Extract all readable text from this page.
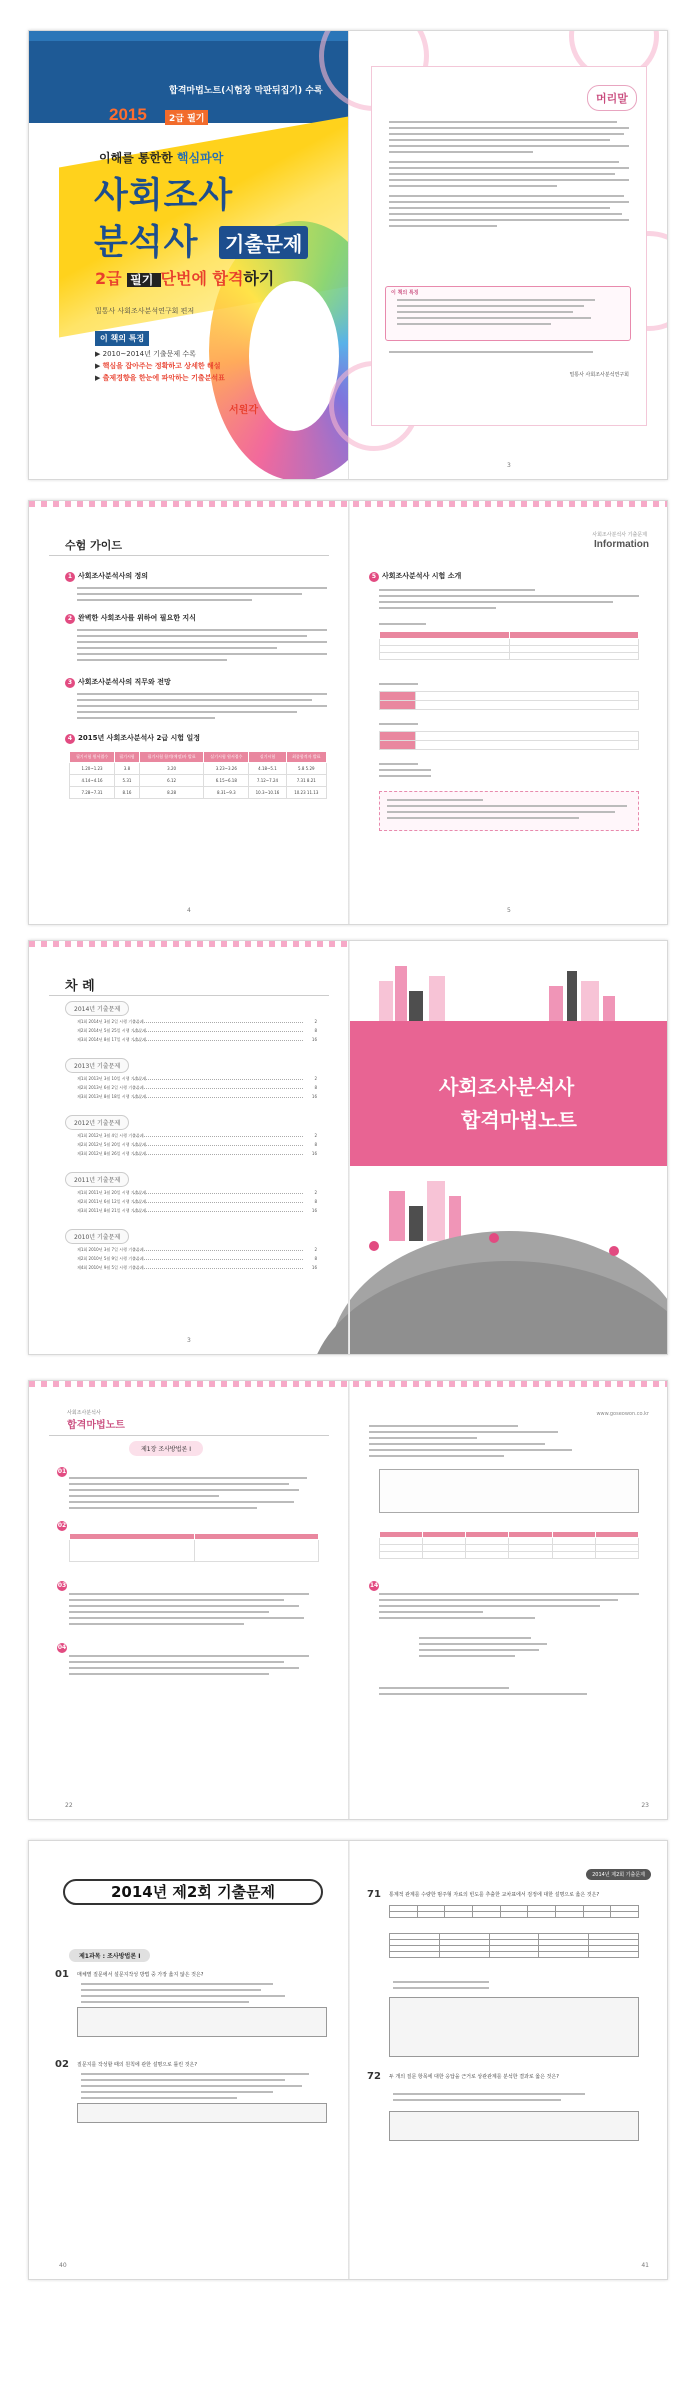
합격마법노트(시험장 막판뒤집기) 수록
2015	2급 필기
이해를 통한한 핵심파악
사회조사
분석사	기출문제
2급 필기 단번에 합격하기
밀통사 사회조사분석연구회 편저
이 책의 특징
▶ 2010~2014년 기출문제 수록
▶ 핵심을 잡아주는 정확하고 상세한 해설
▶ 출제경향을 한눈에 파악하는 기출분석표
서원각
머리말
이 책의 특징
밀통사 사회조사분석연구회
3
수험 가이드
1 사회조사분석사의 정의
2 완벽한 사회조사를 위하여 필요한 지식
3 사회조사분석사의 직무와 전망
4 2015년 사회조사분석사 2급 시험 일정
필기시험 원서접수	필기시험	필기시험 합격(예정)자 발표	실기시험 원서접수	실기시험	최종합격자 발표
1.20~1.23	3.8	3.20	3.23~3.26	4.18~5.1	5.8 5.29
4.14~4.16	5.31	6.12	6.15~6.18	7.12~7.24	7.31 8.21
7.28~7.31	8.16	8.28	8.31~9.3	10.3~10.16	10.23 11.13
4
사회조사분석사 기출문제
Information
5 사회조사분석사 시험 소개

5
차 례
3
2014년 기출문제
제1회 2014년 3월 2일 시행 기출문제	2
제2회 2014년 5월 25일 시행 기출문제	8
제3회 2014년 8월 17일 시행 기출문제	16
2013년 기출문제
제1회 2013년 3월 10일 시행 기출문제	2
제2회 2013년 6월 2일 시행 기출문제	8
제3회 2013년 8월 18일 시행 기출문제	16
2012년 기출문제
제1회 2012년 3월 4일 시행 기출문제	2
제2회 2012년 5월 20일 시행 기출문제	8
제3회 2012년 8월 26일 시행 기출문제	16
2011년 기출문제
제1회 2011년 3월 20일 시행 기출문제	2
제2회 2011년 6월 12일 시행 기출문제	8
제3회 2011년 8월 21일 시행 기출문제	16
2010년 기출문제
제1회 2010년 3월 7일 시행 기출문제	2
제2회 2010년 5월 9일 시행 기출문제	8
제4회 2010년 9월 5일 시행 기출문제	16
사회조사분석사
합격마법노트
사회조사분석사
합격마법노트
제1장 조사방법론 Ⅰ
01
02

03
04
22
www.goseowon.co.kr

14
23
2014년 제2회 기출문제
제1과목 : 조사방법론 Ⅰ
01 매체별 질문에서 설문지작성 방법 중 가장 옳지 않은 것은?
02 질문지를 작성할 때의 원칙에 관한 설명으로 틀린 것은?
40
2014년 제2회 기출문제
71 통계적 관계를 수량한 범주형 자료의 빈도를 추출한 교차표에서 검정에 대한 설명으로 옳은 것은?

72 두 개의 질문 항목에 대한 응답을 근거로 상관관계를 분석한 결과로 옳은 것은?
41
